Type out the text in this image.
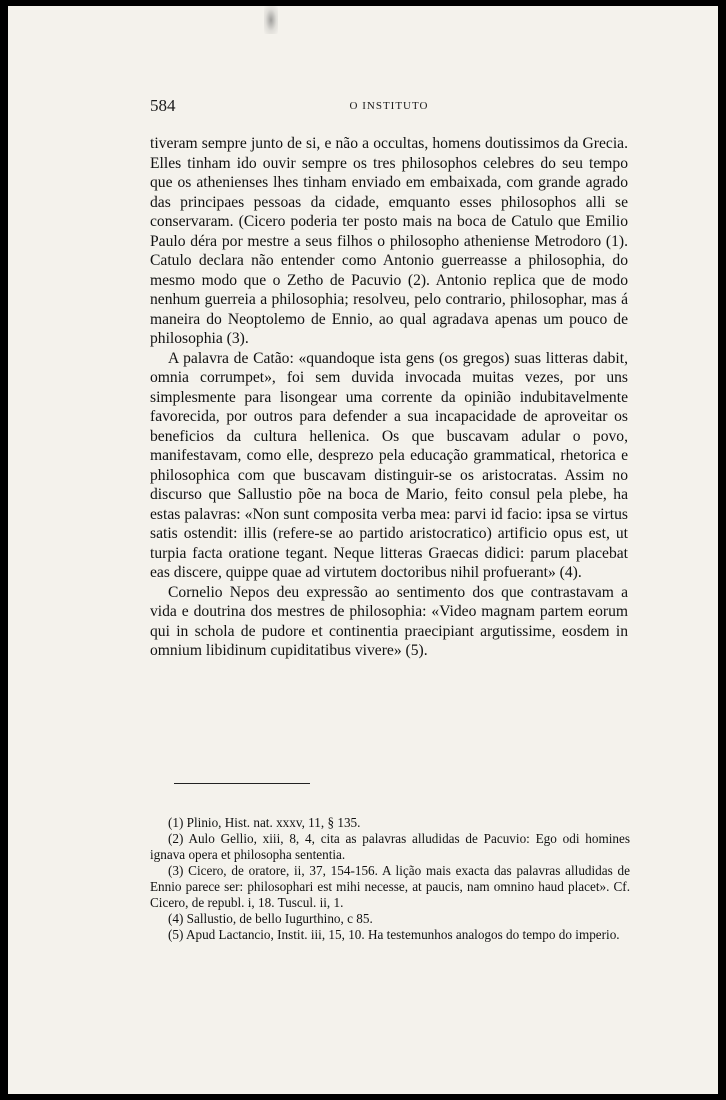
584	O INSTITUTO

tiveram sempre junto de si, e não a occultas, homens doutissimos da Grecia. Elles tinham ido ouvir sempre os tres philosophos celebres do seu tempo que os athenienses lhes tinham enviado em embaixada, com grande agrado das principaes pessoas da cidade, emquanto esses philosophos alli se conservaram. (Cicero poderia ter posto mais na boca de Catulo que Emilio Paulo déra por mestre a seus filhos o philosopho atheniense Metrodoro (1). Catulo declara não entender como Antonio guerreasse a philosophia, do mesmo modo que o Zetho de Pacuvio (2). Antonio replica que de modo nenhum guerreia a philosophia; resolveu, pelo contrario, philosophar, mas á maneira do Neoptolemo de Ennio, ao qual agradava apenas um pouco de philosophia (3).

A palavra de Catão: «quandoque ista gens (os gregos) suas litteras dabit, omnia corrumpet», foi sem duvida invocada muitas vezes, por uns simplesmente para lisongear uma corrente da opinião indubitavelmente favorecida, por outros para defender a sua incapacidade de aproveitar os beneficios da cultura hellenica. Os que buscavam adular o povo, manifestavam, como elle, desprezo pela educação grammatical, rhetorica e philosophica com que buscavam distinguir-se os aristocratas. Assim no discurso que Sallustio põe na boca de Mario, feito consul pela plebe, ha estas palavras: «Non sunt composita verba mea: parvi id facio: ipsa se virtus satis ostendit: illis (refere-se ao partido aristocratico) artificio opus est, ut turpia facta oratione tegant. Neque litteras Graecas didici: parum placebat eas discere, quippe quae ad virtutem doctoribus nihil profuerant» (4).

Cornelio Nepos deu expressão ao sentimento dos que contrastavam a vida e doutrina dos mestres de philosophia: «Video magnam partem eorum qui in schola de pudore et continentia praecipiant argutissime, eosdem in omnium libidinum cupiditatibus vivere» (5).

(1) Plinio, Hist. nat. xxxv, 11, § 135.

(2) Aulo Gellio, xiii, 8, 4, cita as palavras alludidas de Pacuvio: Ego odi homines ignava opera et philosopha sententia.

(3) Cicero, de oratore, ii, 37, 154-156. A lição mais exacta das palavras alludidas de Ennio parece ser: philosophari est mihi necesse, at paucis, nam omnino haud placet». Cf. Cicero, de republ. i, 18. Tuscul. ii, 1.

(4) Sallustio, de bello Iugurthino, c 85.

(5) Apud Lactancio, Instit. iii, 15, 10. Ha testemunhos analogos do tempo do imperio.
